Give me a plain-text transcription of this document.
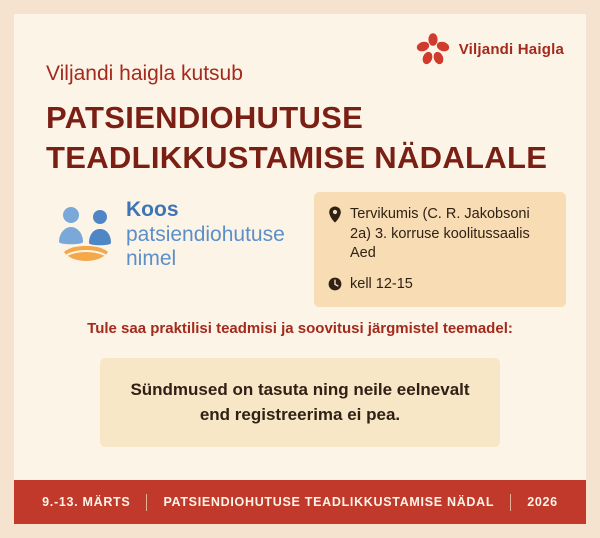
Viljandi Haigla
Viljandi haigla kutsub
PATSIENDIOHUTUSE
TEADLIKKUSTAMISE NÄDALALE
Koos
patsiendiohutuse
nimel
Tervikumis (C. R. Jakobsoni 2a) 3. korruse koolitussaalis Aed
kell 12-15
Tule saa praktilisi teadmisi ja soovitusi järgmistel teemadel:
Sündmused on tasuta ning neile eelnevalt
end registreerima ei pea.
9.-13. MÄRTS	PATSIENDIOHUTUSE TEADLIKKUSTAMISE NÄDAL	2026
